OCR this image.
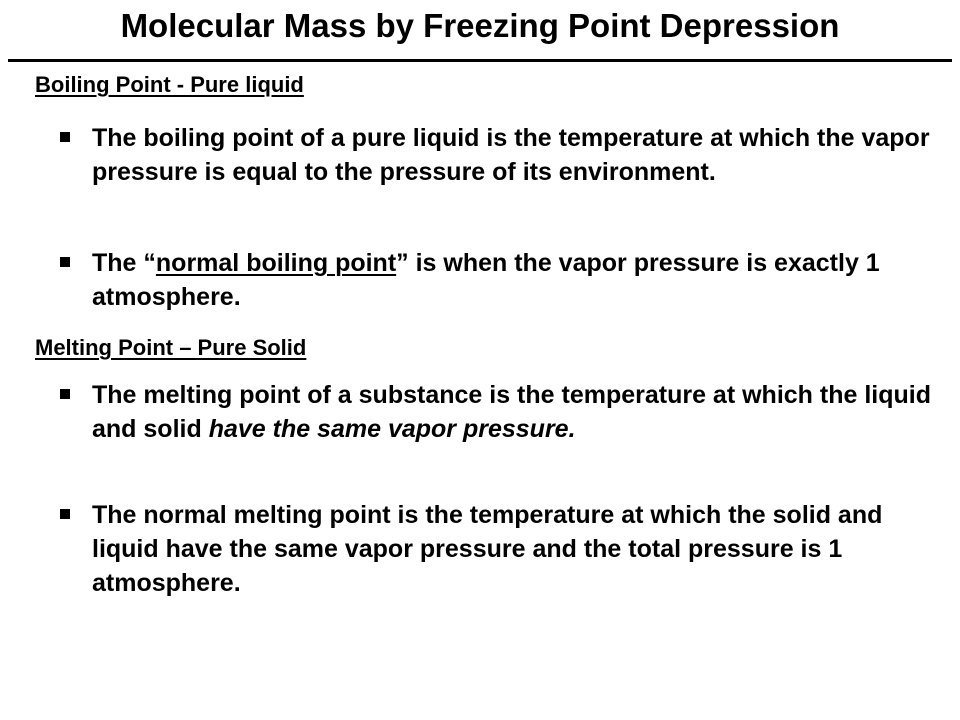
Molecular Mass by Freezing Point Depression
Boiling Point - Pure liquid
The boiling point of a pure liquid is the temperature at which the vapor pressure is equal to the pressure of its environment.
The “normal boiling point” is when the vapor pressure is exactly 1 atmosphere.
Melting Point – Pure Solid
The melting point of a substance is the temperature at which the liquid and solid have the same vapor pressure.
The normal melting point is the temperature at which the solid and liquid have the same vapor pressure and the total pressure is 1 atmosphere.
